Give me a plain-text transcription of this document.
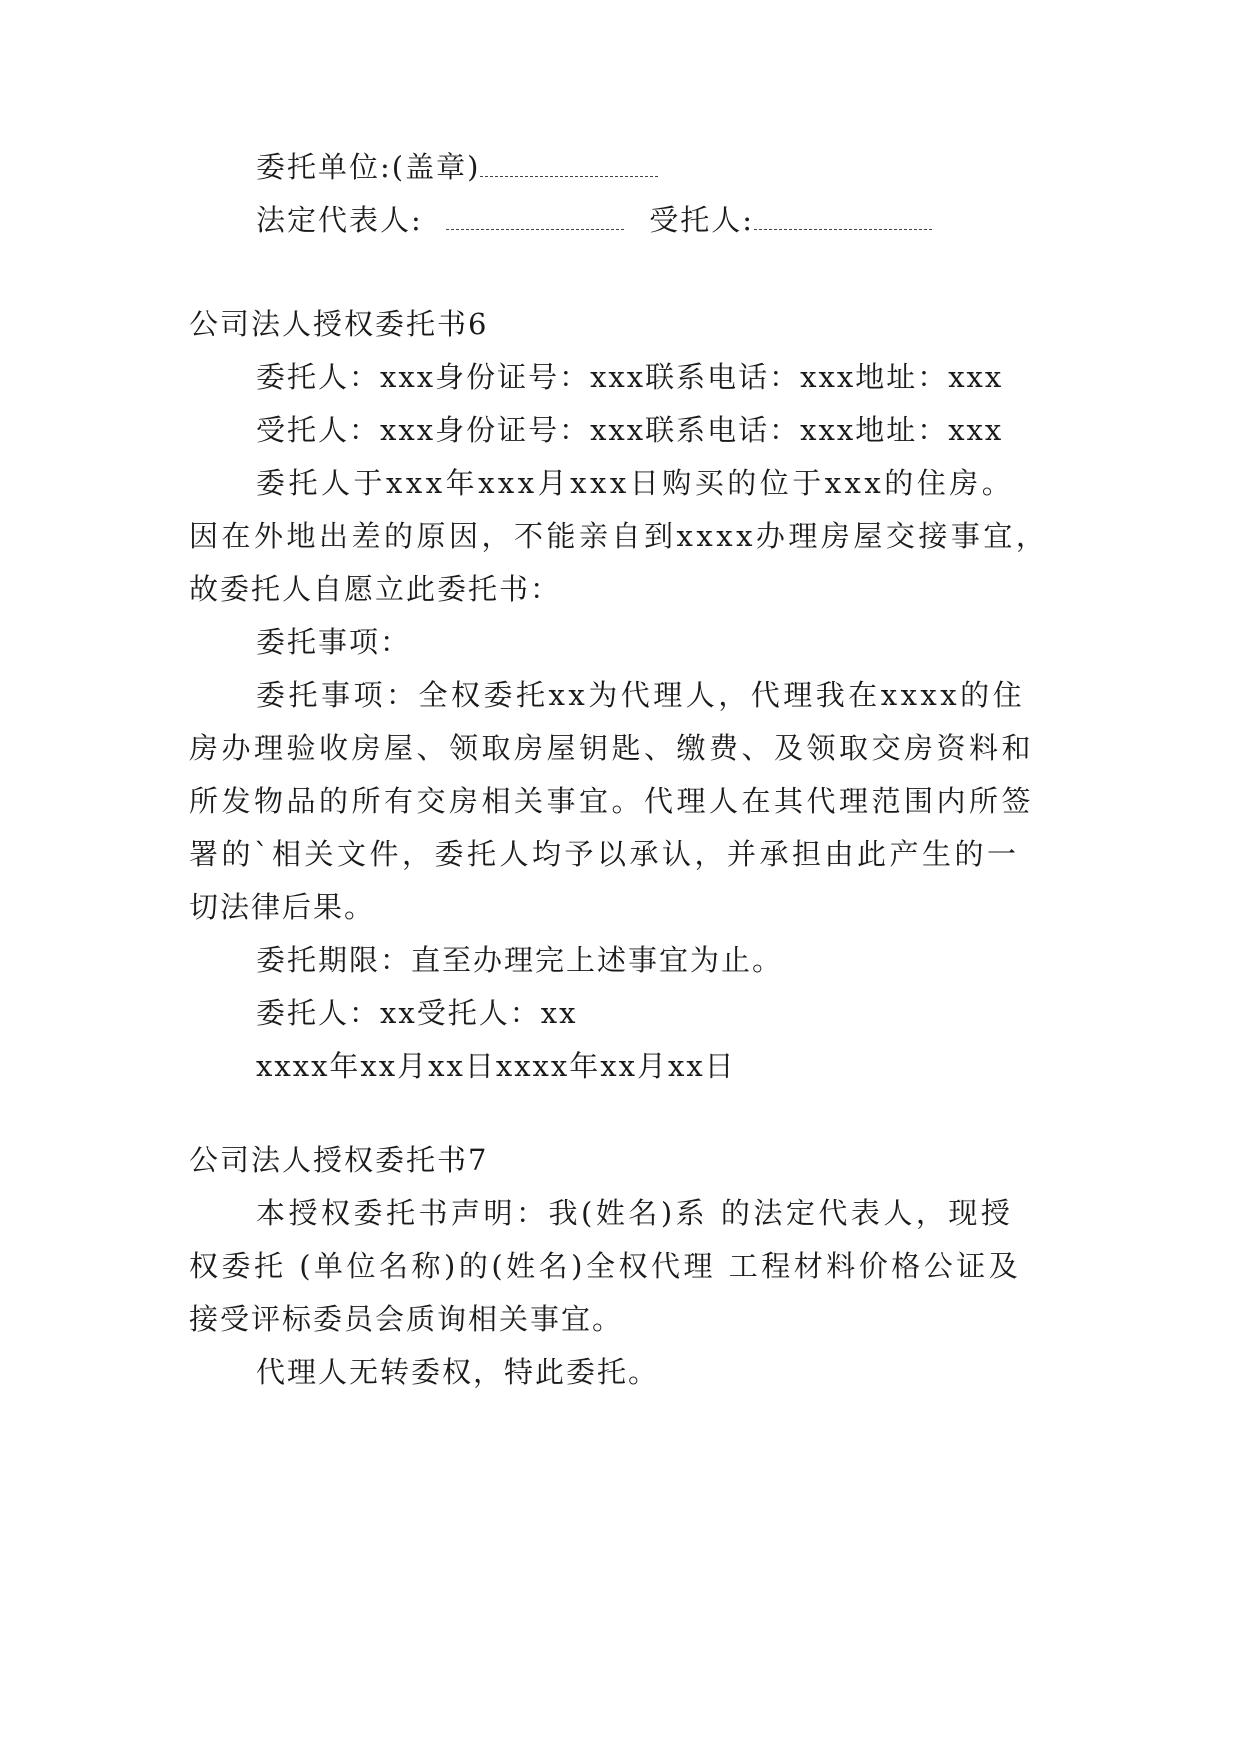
委托单位:(盖章)
法定代表人:	受托人:
公司法人授权委托书6
委托人：xxx身份证号：xxx联系电话：xxx地址：xxx
受托人：xxx身份证号：xxx联系电话：xxx地址：xxx
委托人于xxx年xxx月xxx日购买的位于xxx的住房。
因在外地出差的原因，不能亲自到xxxx办理房屋交接事宜，
故委托人自愿立此委托书：
委托事项：
委托事项：全权委托xx为代理人，代理我在xxxx的住
房办理验收房屋、领取房屋钥匙、缴费、及领取交房资料和
所发物品的所有交房相关事宜。代理人在其代理范围内所签
署的`相关文件，委托人均予以承认，并承担由此产生的一
切法律后果。
委托期限：直至办理完上述事宜为止。
委托人：xx受托人：xx
xxxx年xx月xx日xxxx年xx月xx日
公司法人授权委托书7
本授权委托书声明：我(姓名)系 的法定代表人，现授
权委托 (单位名称)的(姓名)全权代理 工程材料价格公证及
接受评标委员会质询相关事宜。
代理人无转委权，特此委托。
